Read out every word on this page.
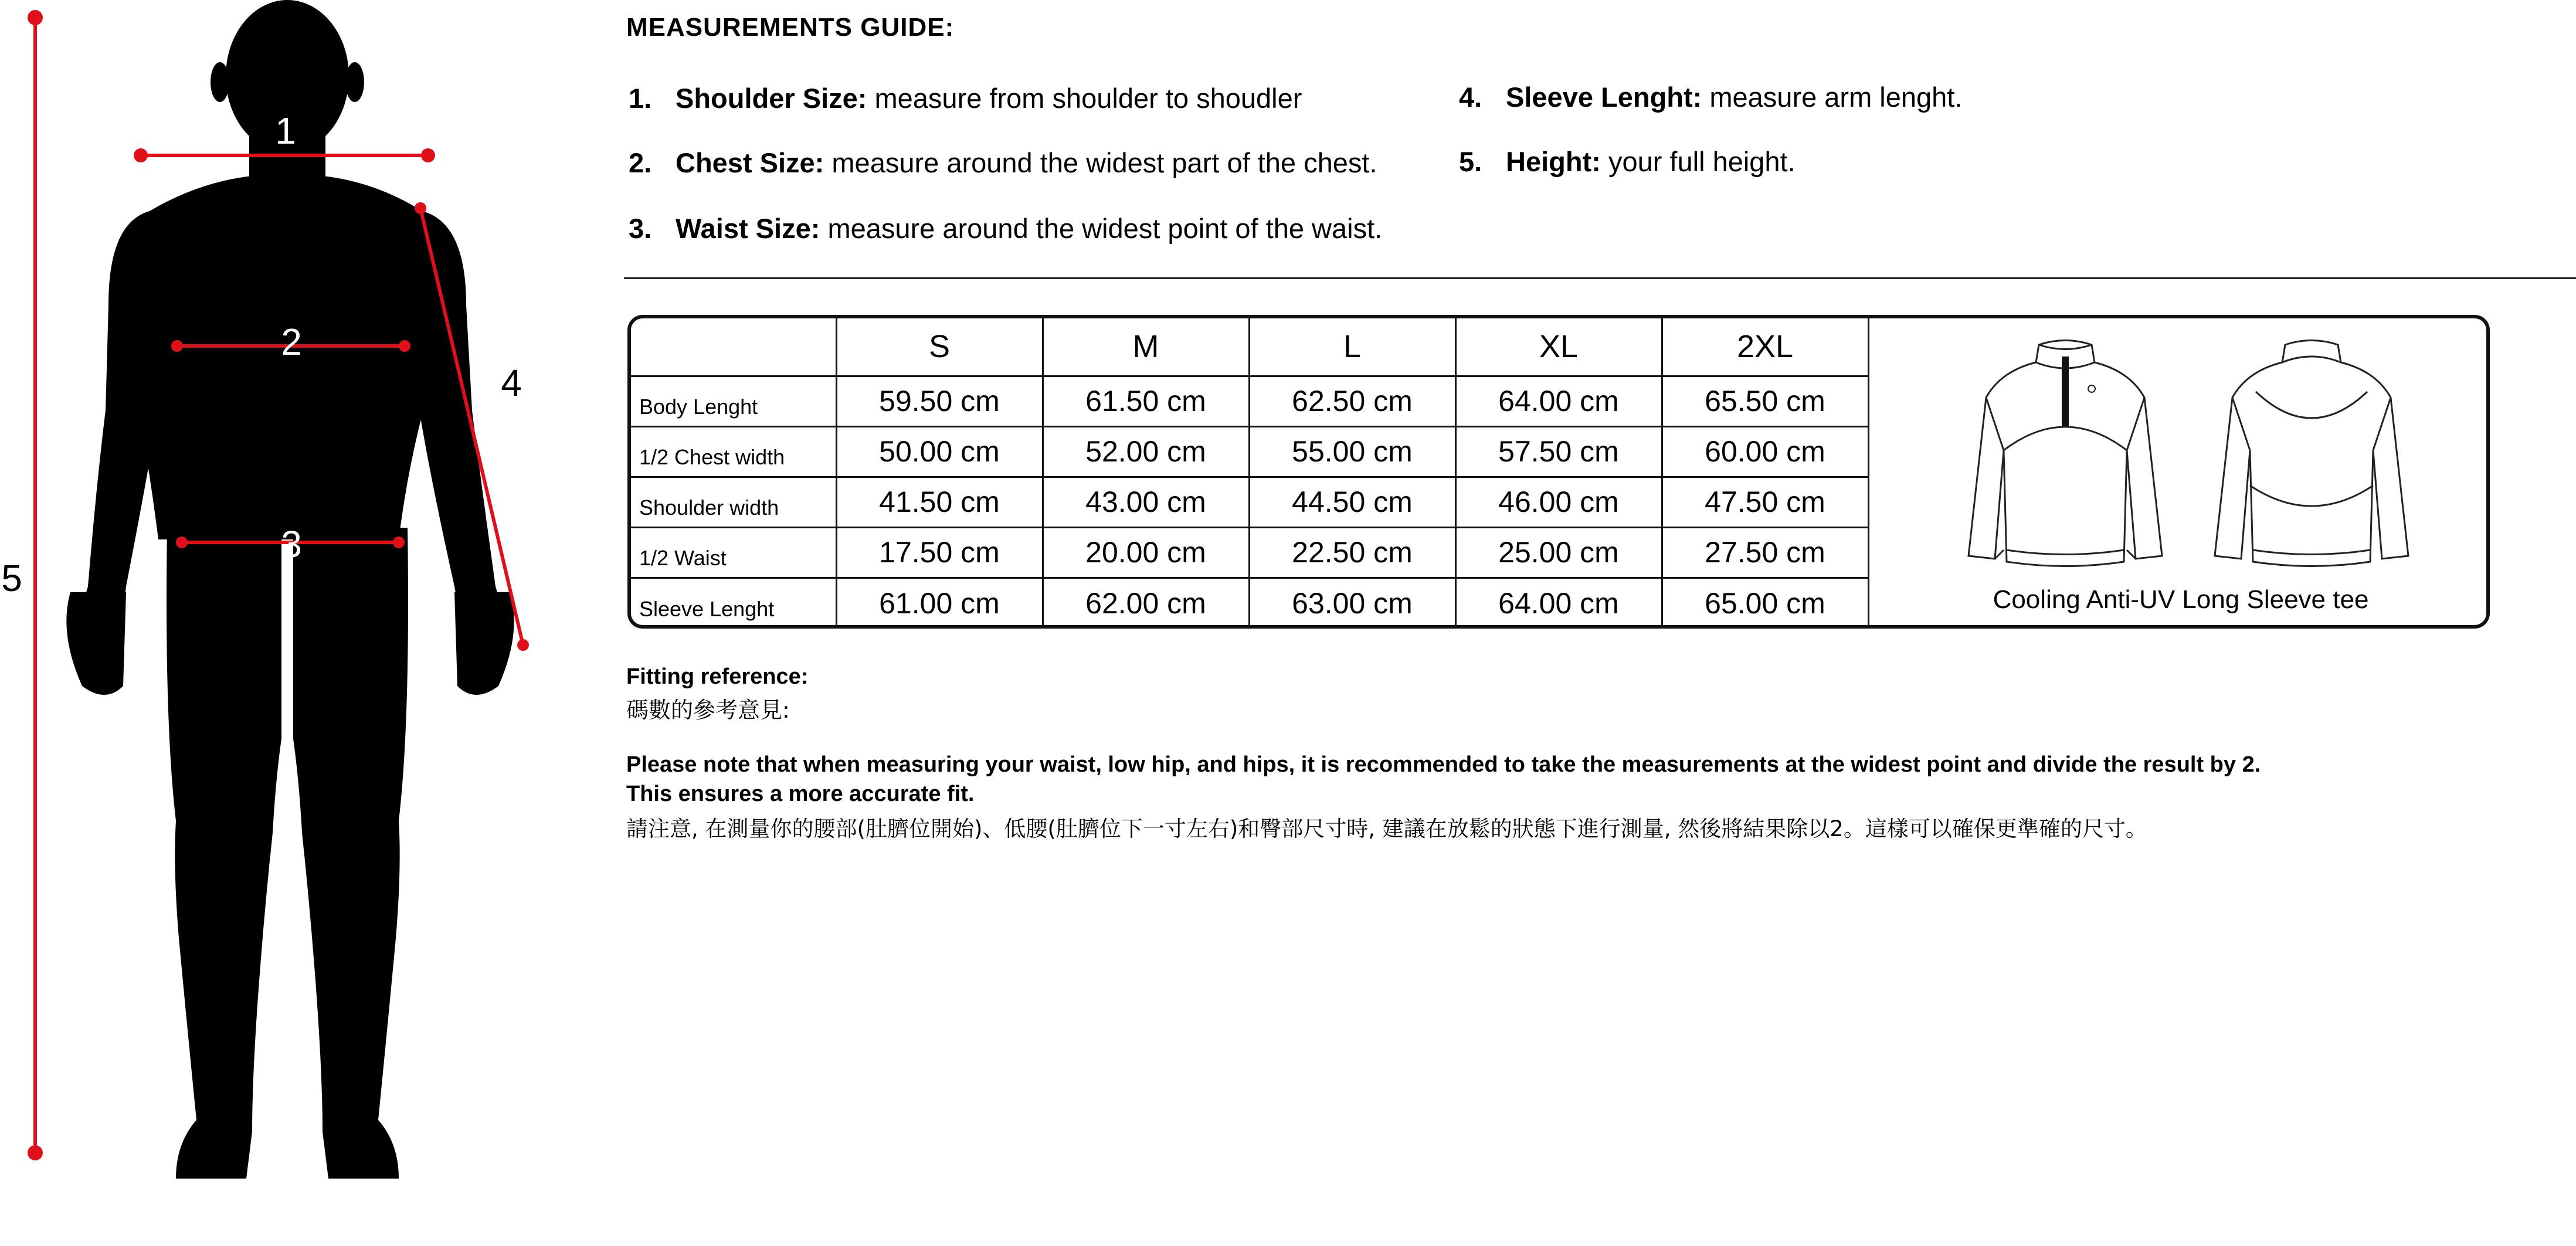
1
2
3
4
5
MEASUREMENTS GUIDE:
1. Shoulder Size: measure from shoulder to shoudler
2. Chest Size: measure around the widest part of the chest.
3. Waist Size: measure around the widest point of the waist.
4. Sleeve Lenght: measure arm lenght.
5. Height: your full height.
	S	M	L	XL	2XL
Body Lenght	59.50 cm	61.50 cm	62.50 cm	64.00 cm	65.50 cm
1/2 Chest width	50.00 cm	52.00 cm	55.00 cm	57.50 cm	60.00 cm
Shoulder width	41.50 cm	43.00 cm	44.50 cm	46.00 cm	47.50 cm
1/2 Waist	17.50 cm	20.00 cm	22.50 cm	25.00 cm	27.50 cm
Sleeve Lenght	61.00 cm	62.00 cm	63.00 cm	64.00 cm	65.00 cm	Cooling Anti-UV Long Sleeve tee
Fitting reference:
碼數的參考意見:
Please note that when measuring your waist, low hip, and hips, it is recommended to take the measurements at the widest point and divide the result by 2.
This ensures a more accurate fit.
請注意, 在測量你的腰部(肚臍位開始)、低腰(肚臍位下一寸左右)和臀部尺寸時, 建議在放鬆的狀態下進行測量, 然後將結果除以2。這樣可以確保更準確的尺寸。
